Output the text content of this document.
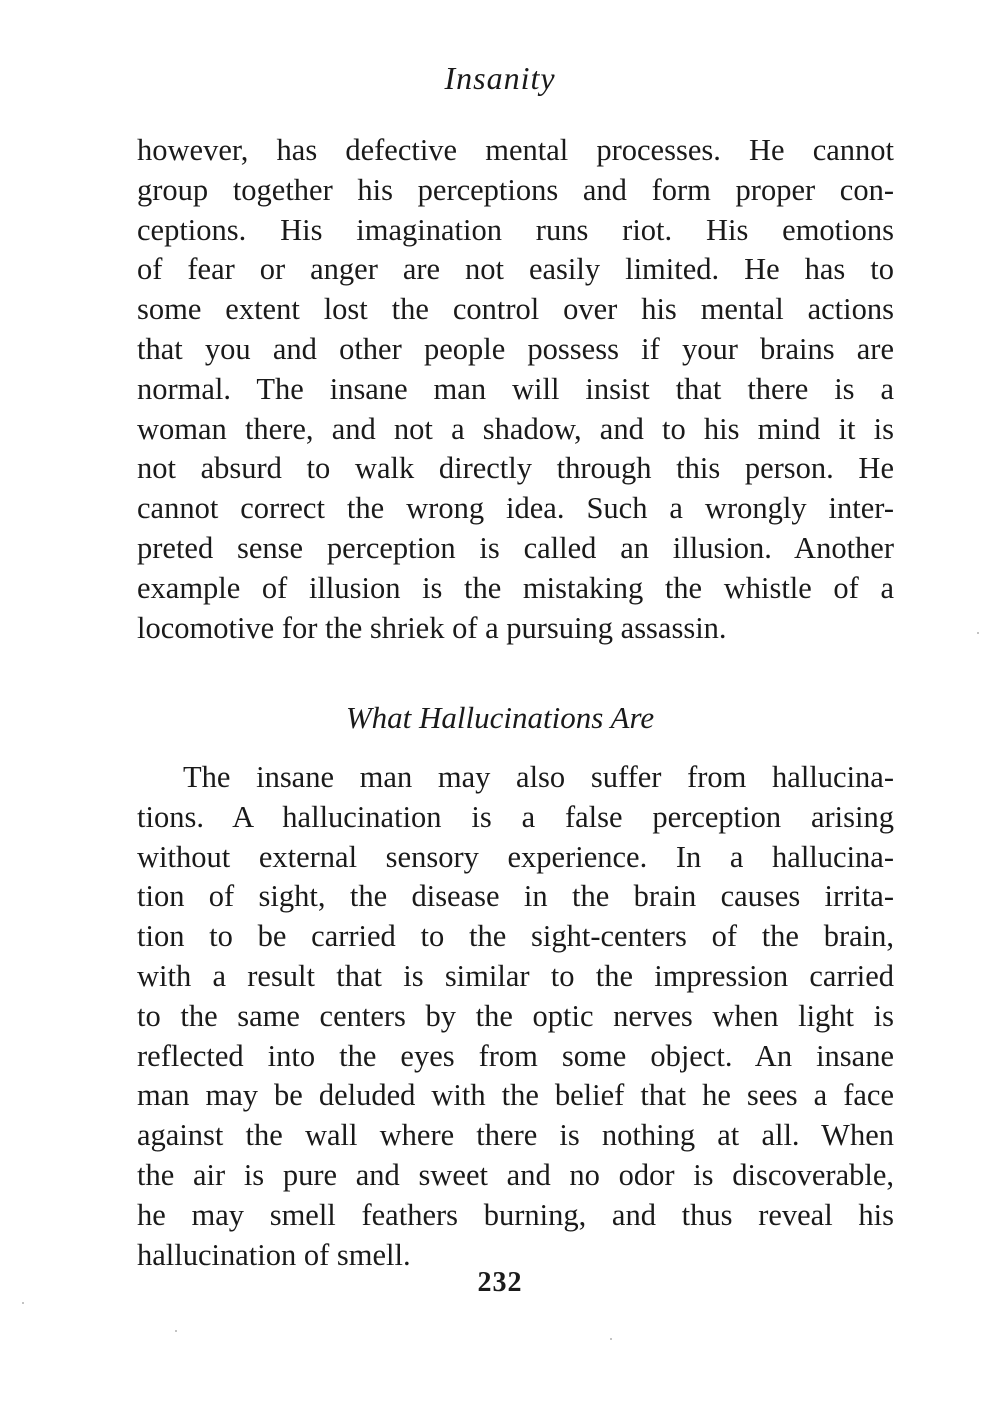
Insanity
however, has defective mental processes. He cannot
group together his perceptions and form proper con-
ceptions. His imagination runs riot. His emotions
of fear or anger are not easily limited. He has to
some extent lost the control over his mental actions
that you and other people possess if your brains are
normal. The insane man will insist that there is a
woman there, and not a shadow, and to his mind it is
not absurd to walk directly through this person. He
cannot correct the wrong idea. Such a wrongly inter-
preted sense perception is called an illusion. Another
example of illusion is the mistaking the whistle of a
locomotive for the shriek of a pursuing assassin.
What Hallucinations Are
The insane man may also suffer from hallucina-
tions. A hallucination is a false perception arising
without external sensory experience. In a hallucina-
tion of sight, the disease in the brain causes irrita-
tion to be carried to the sight-centers of the brain,
with a result that is similar to the impression carried
to the same centers by the optic nerves when light is
reflected into the eyes from some object. An insane
man may be deluded with the belief that he sees a face
against the wall where there is nothing at all. When
the air is pure and sweet and no odor is discoverable,
he may smell feathers burning, and thus reveal his
hallucination of smell.
232
